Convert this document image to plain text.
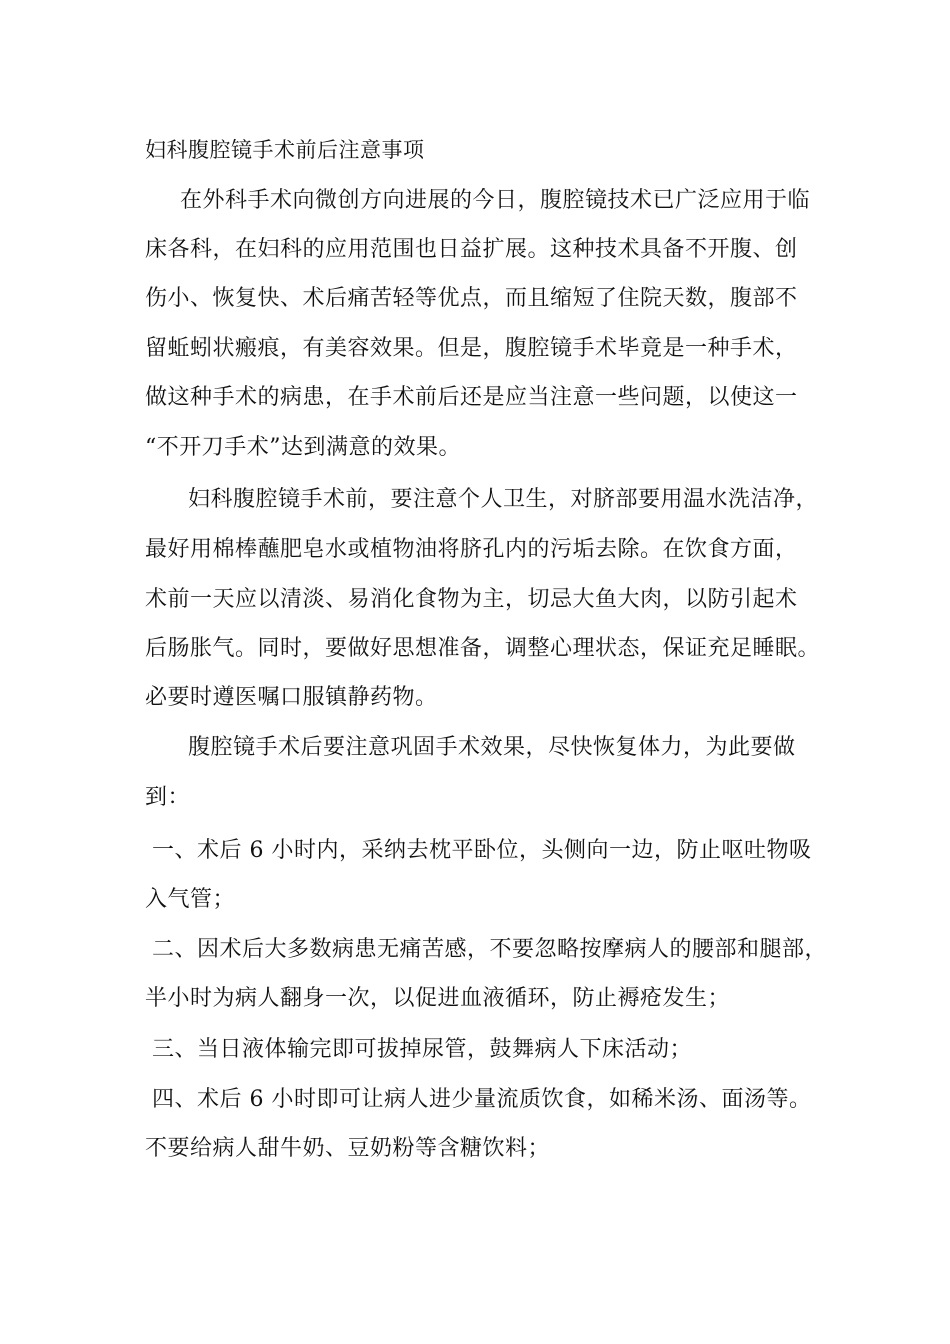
妇科腹腔镜手术前后注意事项
在外科手术向微创方向进展的今日，腹腔镜技术已广泛应用于临
床各科，在妇科的应用范围也日益扩展。这种技术具备不开腹、创
伤小、恢复快、术后痛苦轻等优点，而且缩短了住院天数，腹部不
留蚯蚓状瘢痕，有美容效果。但是，腹腔镜手术毕竟是一种手术，
做这种手术的病患，在手术前后还是应当注意一些问题，以使这一
“不开刀手术”达到满意的效果。
妇科腹腔镜手术前，要注意个人卫生，对脐部要用温水洗洁净，
最好用棉棒蘸肥皂水或植物油将脐孔内的污垢去除。在饮食方面，
术前一天应以清淡、易消化食物为主，切忌大鱼大肉，以防引起术
后肠胀气。同时，要做好思想准备，调整心理状态，保证充足睡眠。
必要时遵医嘱口服镇静药物。
腹腔镜手术后要注意巩固手术效果，尽快恢复体力，为此要做
到：
一、术后 6 小时内，采纳去枕平卧位，头侧向一边，防止呕吐物吸
入气管；
二、因术后大多数病患无痛苦感，不要忽略按摩病人的腰部和腿部，
半小时为病人翻身一次，以促进血液循环，防止褥疮发生；
三、当日液体输完即可拔掉尿管，鼓舞病人下床活动；
四、术后 6 小时即可让病人进少量流质饮食，如稀米汤、面汤等。
不要给病人甜牛奶、豆奶粉等含糖饮料；
